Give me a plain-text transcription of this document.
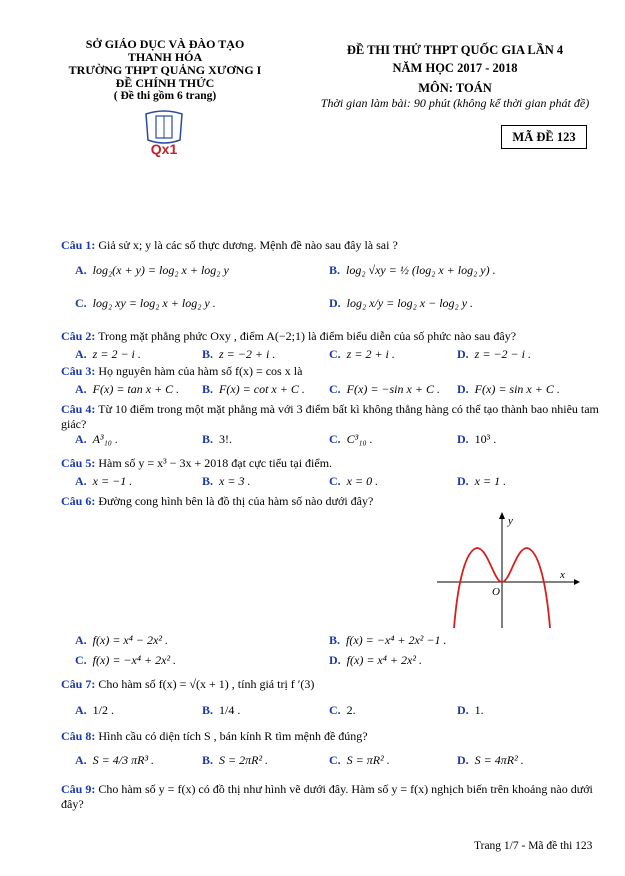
SỞ GIÁO DỤC VÀ ĐÀO TẠO
THANH HÓA
TRƯỜNG THPT QUẢNG XƯƠNG I
ĐỀ CHÍNH THỨC
( Đề thi gồm 6 trang)
Qx1
ĐỀ THI THỬ THPT QUỐC GIA LẦN 4
NĂM HỌC 2017 - 2018
MÔN: TOÁN
Thời gian làm bài: 90 phút (không kể thời gian phát đề)
MÃ ĐỀ 123
Câu 1: Giả sử x; y là các số thực dương. Mệnh đề nào sau đây là sai ?
A. log₂(x + y) = log₂ x + log₂ y	B. log₂ √xy = ½ (log₂ x + log₂ y) .
C. log₂ xy = log₂ x + log₂ y .	D. log₂ x/y = log₂ x − log₂ y .
Câu 2: Trong mặt phẳng phức Oxy , điểm A(−2;1) là điểm biểu diễn của số phức nào sau đây?
A. z = 2 − i .	B. z = −2 + i .	C. z = 2 + i .	D. z = −2 − i .
Câu 3: Họ nguyên hàm của hàm số f(x) = cos x là
A. F(x) = tan x + C . B. F(x) = cot x + C . C. F(x) = −sin x + C . D. F(x) = sin x + C .
Câu 4: Từ 10 điểm trong một mặt phẳng mà với 3 điểm bất kì không thẳng hàng có thể tạo thành bao nhiêu tam giác?
A. A³₁₀ .	B. 3!.	C. C³₁₀ .	D. 10³ .
Câu 5: Hàm số y = x³ − 3x + 2018 đạt cực tiểu tại điểm.
A. x = −1 .	B. x = 3 .	C. x = 0 .	D. x = 1 .
Câu 6: Đường cong hình bên là đồ thị của hàm số nào dưới đây?
x
y
O
A. f(x) = x⁴ − 2x² .	B. f(x) = −x⁴ + 2x² −1 .
C. f(x) = −x⁴ + 2x² .	D. f(x) = x⁴ + 2x² .
Câu 7: Cho hàm số f(x) = √(x + 1) , tính giá trị f ′(3)
A. 1/2 .	B. 1/4 .	C. 2.	D. 1.
Câu 8: Hình cầu có diện tích S , bán kính R tìm mệnh đề đúng?
A. S = 4/3 πR³ .	B. S = 2πR² .	C. S = πR² .	D. S = 4πR² .
Câu 9: Cho hàm số y = f(x) có đồ thị như hình vẽ dưới đây. Hàm số y = f(x) nghịch biến trên khoảng nào dưới đây?
Trang 1/7 - Mã đề thi 123
